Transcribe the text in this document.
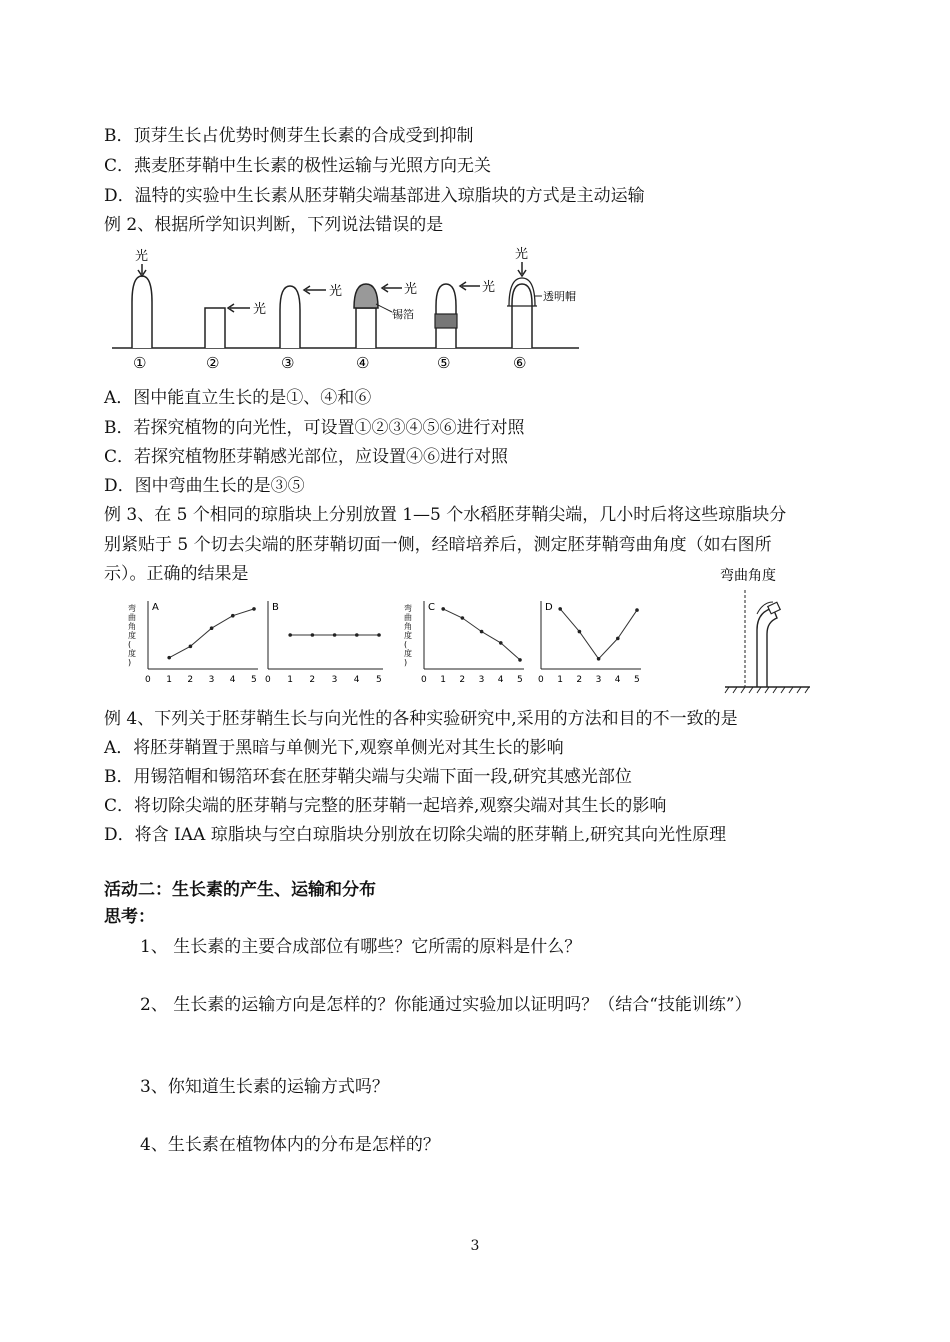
B．顶芽生长占优势时侧芽生长素的合成受到抑制
C．燕麦胚芽鞘中生长素的极性运输与光照方向无关
D．温特的实验中生长素从胚芽鞘尖端基部进入琼脂块的方式是主动运输
例 2、根据所学知识判断，下列说法错误的是
光
①
光
②
光
③
光
锡箔
④
光
⑤
光
透明帽
⑥
A．图中能直立生长的是①、④和⑥
B．若探究植物的向光性，可设置①②③④⑤⑥进行对照
C．若探究植物胚芽鞘感光部位，应设置④⑥进行对照
D．图中弯曲生长的是③⑤
例 3、在 5 个相同的琼脂块上分别放置 1—5 个水稻胚芽鞘尖端，几小时后将这些琼脂块分
别紧贴于 5 个切去尖端的胚芽鞘切面一侧，经暗培养后，测定胚芽鞘弯曲角度（如右图所
示）。正确的结果是
弯
曲
角
度
(
度
)
A
0 1 2 3 4 5
B
0 1 2 3 4 5
弯
曲
角
度
(
度
)
C
0 1 2 3 4 5
D
0 1 2 3 4 5
弯曲角度
例 4、下列关于胚芽鞘生长与向光性的各种实验研究中,采用的方法和目的不一致的是
A．将胚芽鞘置于黑暗与单侧光下,观察单侧光对其生长的影响
B．用锡箔帽和锡箔环套在胚芽鞘尖端与尖端下面一段,研究其感光部位
C．将切除尖端的胚芽鞘与完整的胚芽鞘一起培养,观察尖端对其生长的影响
D．将含 IAA 琼脂块与空白琼脂块分别放在切除尖端的胚芽鞘上,研究其向光性原理
活动二：生长素的产生、运输和分布
思考：
1、 生长素的主要合成部位有哪些？它所需的原料是什么？
2、 生长素的运输方向是怎样的？你能通过实验加以证明吗？（结合“技能训练”）
3、你知道生长素的运输方式吗？
4、生长素在植物体内的分布是怎样的？
3
